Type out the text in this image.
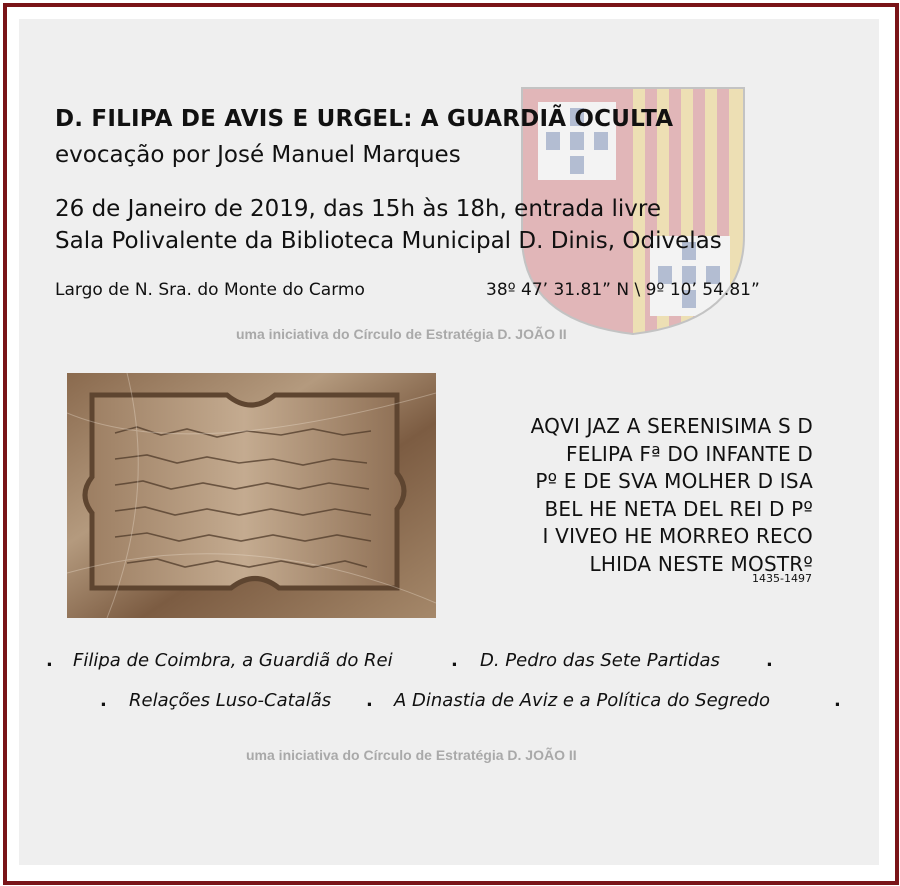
D. FILIPA DE AVIS E URGEL: A GUARDIÃ OCULTA
evocação por José Manuel Marques
26 de Janeiro de 2019, das 15h às 18h, entrada livre
Sala Polivalente da Biblioteca Municipal D. Dinis, Odivelas
Largo de N. Sra. do Monte do Carmo	38º 47’ 31.81” N \ 9º 10’ 54.81”
uma iniciativa do Círculo de Estratégia D. JOÃO II
AQVI JAZ A SERENISIMA S D
FELIPA Fª DO INFANTE D
Pº E DE SVA MOLHER D ISA
BEL HE NETA DEL REI D Pº
I VIVEO HE MORREO RECO
LHIDA NESTE MOSTRº
1435-1497
. Filipa de Coimbra, a Guardiã do Rei	. D. Pedro das Sete Partidas	.
. Relações Luso-Catalãs . A Dinastia de Aviz e a Política do Segredo	.
uma iniciativa do Círculo de Estratégia D. JOÃO II
